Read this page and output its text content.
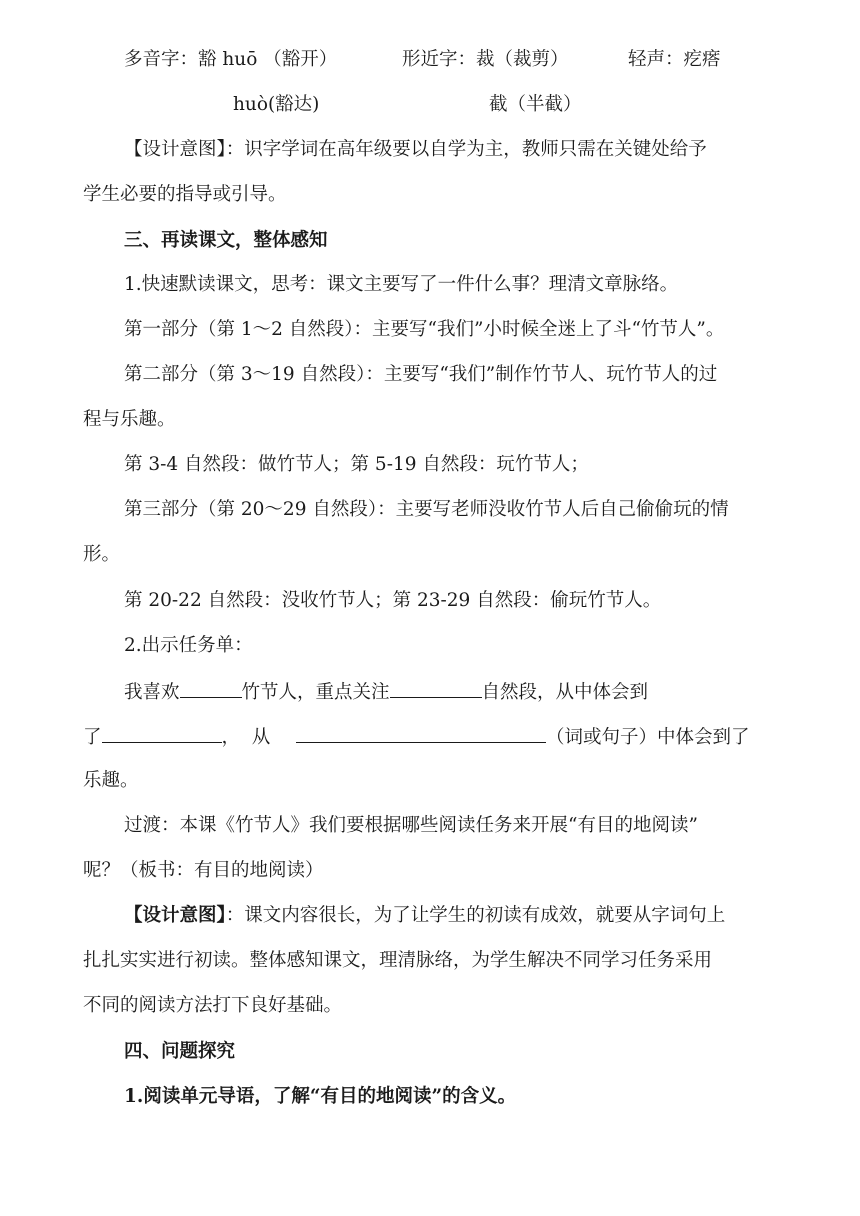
多音字：豁 huō （豁开）	形近字：裁（裁剪）	轻声：疙瘩
huò(豁达)	截（半截）
【设计意图】：识字学词在高年级要以自学为主，教师只需在关键处给予
学生必要的指导或引导。
三、再读课文，整体感知
1.快速默读课文，思考：课文主要写了一件什么事？理清文章脉络。
第一部分（第 1～2 自然段）：主要写“我们”小时候全迷上了斗“竹节人”。
第二部分（第 3～19 自然段）：主要写“我们”制作竹节人、玩竹节人的过
程与乐趣。
第 3-4 自然段：做竹节人；第 5-19 自然段：玩竹节人；
第三部分（第 20～29 自然段）：主要写老师没收竹节人后自己偷偷玩的情
形。
第 20-22 自然段：没收竹节人；第 23-29 自然段：偷玩竹节人。
2.出示任务单：
我喜欢	竹节人，重点关注	自然段，从中体会到
了	，  从	（词或句子）中体会到了
乐趣。
过渡：本课《竹节人》我们要根据哪些阅读任务来开展“有目的地阅读”
呢？（板书：有目的地阅读）
【设计意图】：课文内容很长，为了让学生的初读有成效，就要从字词句上
扎扎实实进行初读。整体感知课文，理清脉络，为学生解决不同学习任务采用
不同的阅读方法打下良好基础。
四、问题探究
1.阅读单元导语，了解“有目的地阅读”的含义。
